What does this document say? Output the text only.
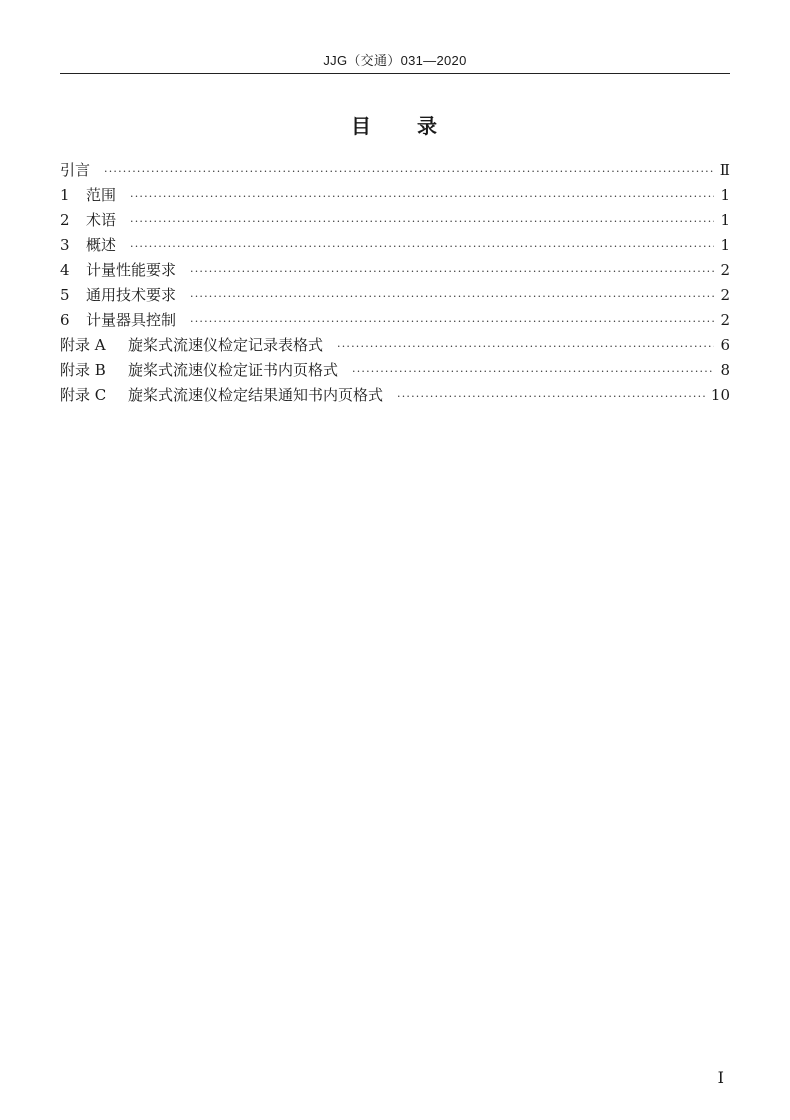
JJG（交通）031—2020
目 录
引言 ·····	Ⅱ
1	范围 ·····	1
2	术语 ·····	1
3	概述 ·····	1
4	计量性能要求 ·····	2
5	通用技术要求 ·····	2
6	计量器具控制 ·····	2
附录 A	旋桨式流速仪检定记录表格式 ·····	6
附录 B	旋桨式流速仪检定证书内页格式 ·····	8
附录 C	旋桨式流速仪检定结果通知书内页格式 ·····	10
Ⅰ
